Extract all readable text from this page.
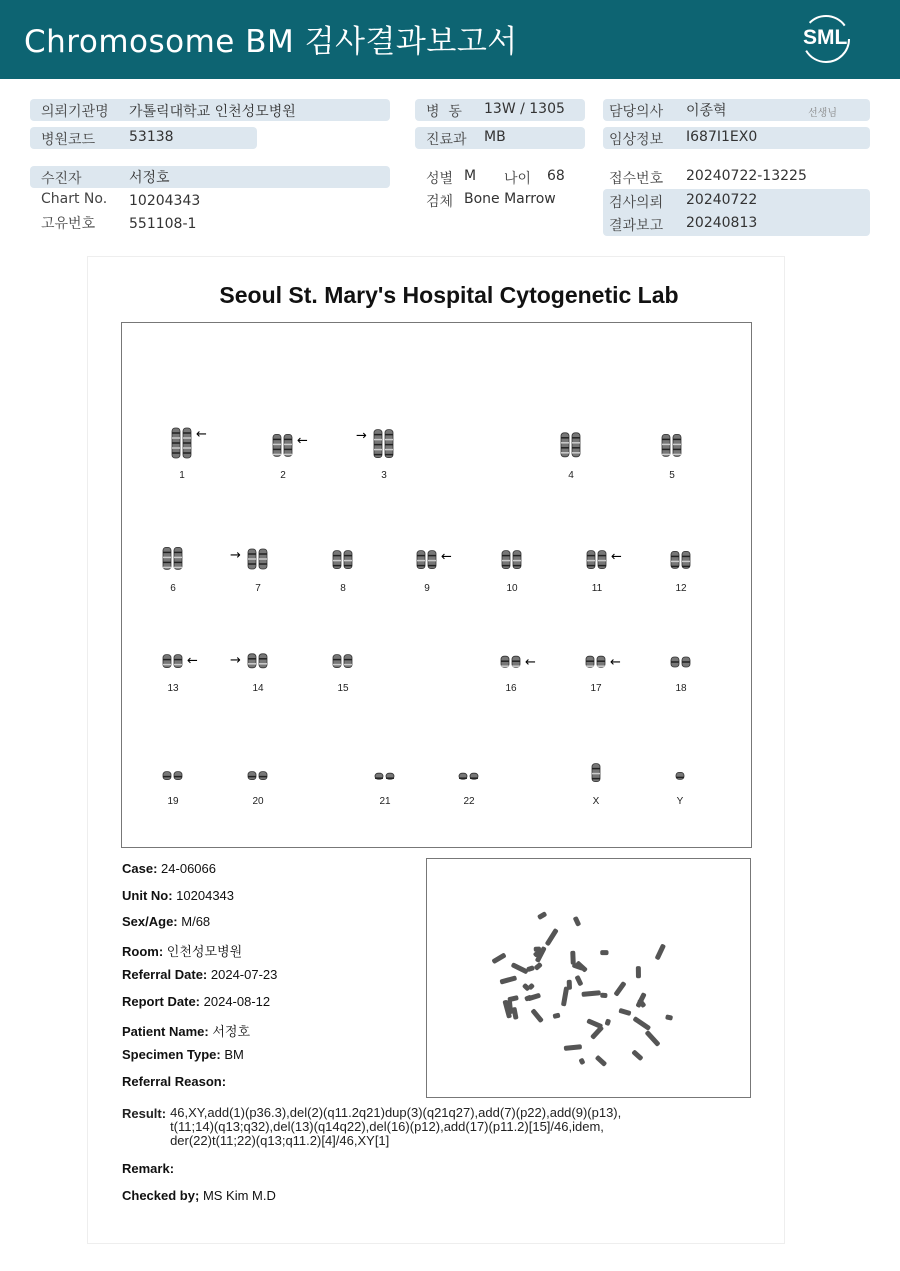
Chromosome BM 검사결과보고서	SML
의뢰기관명 가톨릭대학교 인천성모병원
병원코드 53138
병  동 13W / 1305
진료과 MB
담당의사 이종혁	선생님
임상정보 I687I1EX0
수진자	서정호
Chart No. 10204343
고유번호 551108-1
성별 M 나이 68
검체 Bone Marrow
접수번호 20240722-13225
검사의뢰 20240722
결과보고 20240813
Seoul St. Mary's Hospital Cytogenetic Lab
←	←	→
→	←	←
← →	←	←
1	2	3	4	5
6	7	8	9	10	11	12
13	14	15	16	17	18
19	20	21	22	X	Y
Case: 24-06066
Unit No: 10204343
Sex/Age: M/68
Room: 인천성모병원
Referral Date: 2024-07-23
Report Date: 2024-08-12
Patient Name: 서정호
Specimen Type: BM
Referral Reason:
Result: 46,XY,add(1)(p36.3),del(2)(q11.2q21)dup(3)(q21q27),add(7)(p22),add(9)(p13),
t(11;14)(q13;q32),del(13)(q14q22),del(16)(p12),add(17)(p11.2)[15]/46,idem,
der(22)t(11;22)(q13;q11.2)[4]/46,XY[1]
Remark:
Checked by; MS Kim M.D
